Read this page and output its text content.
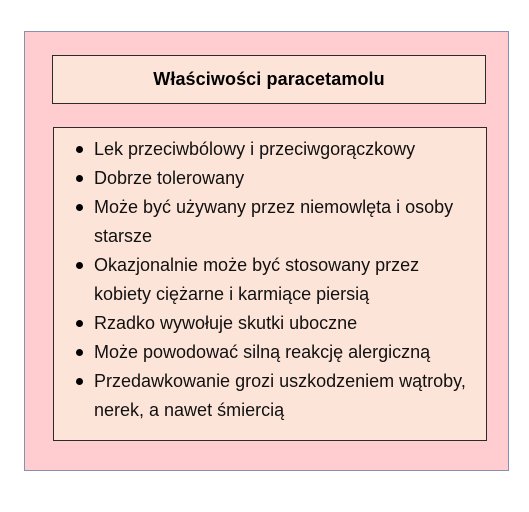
Właściwości paracetamolu
Lek przeciwbólowy i przeciwgorączkowy
Dobrze tolerowany
Może być używany przez niemowlęta i osoby starsze
Okazjonalnie może być stosowany przez kobiety ciężarne i karmiące piersią
Rzadko wywołuje skutki uboczne
Może powodować silną reakcję alergiczną
Przedawkowanie grozi uszkodzeniem wątroby, nerek, a nawet śmiercią
